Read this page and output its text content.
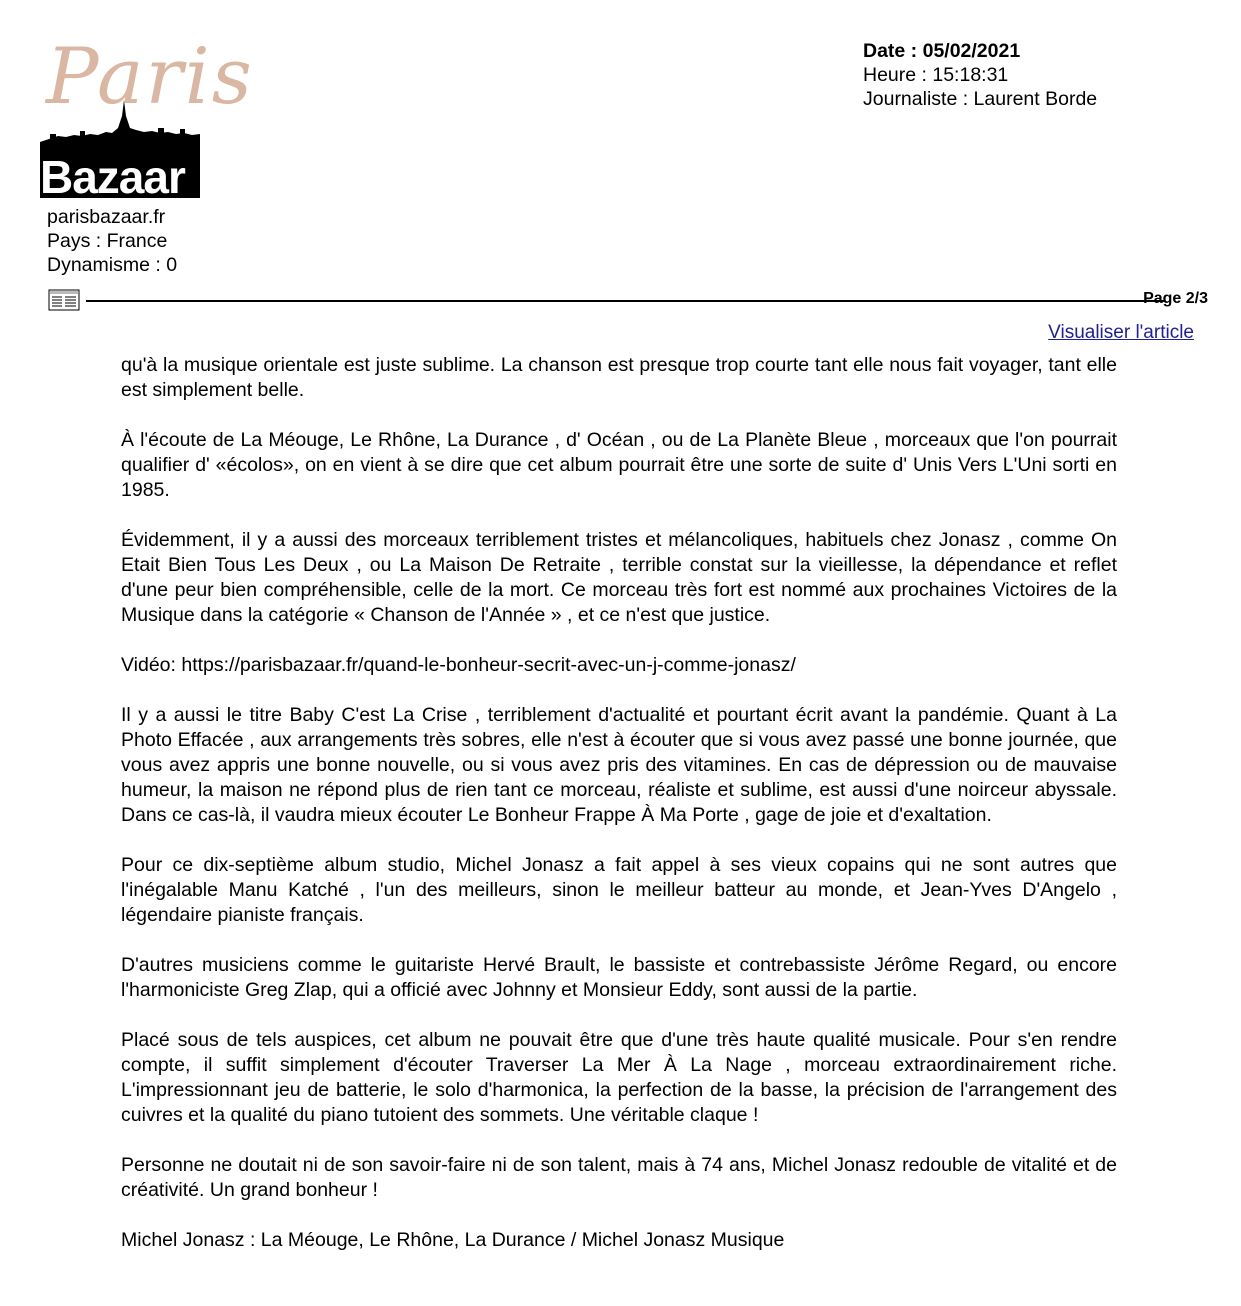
Paris
Bazaar
parisbazaar.fr
Pays : France
Dynamisme : 0
Date : 05/02/2021
Heure : 15:18:31
Journaliste : Laurent Borde
Page 2/3
Visualiser l'article

qu'à la musique orientale est juste sublime. La chanson est presque trop courte tant elle nous fait voyager, tant elle est simplement belle.

À l'écoute de La Méouge, Le Rhône, La Durance , d' Océan , ou de La Planète Bleue , morceaux que l'on pourrait qualifier d' «écolos», on en vient à se dire que cet album pourrait être une sorte de suite d' Unis Vers L'Uni sorti en 1985.

Évidemment, il y a aussi des morceaux terriblement tristes et mélancoliques, habituels chez Jonasz , comme On Etait Bien Tous Les Deux , ou La Maison De Retraite , terrible constat sur la vieillesse, la dépendance et reflet d'une peur bien compréhensible, celle de la mort. Ce morceau très fort est nommé aux prochaines Victoires de la Musique dans la catégorie « Chanson de l'Année » , et ce n'est que justice.

Vidéo: https://parisbazaar.fr/quand-le-bonheur-secrit-avec-un-j-comme-jonasz/

Il y a aussi le titre Baby C'est La Crise , terriblement d'actualité et pourtant écrit avant la pandémie. Quant à La Photo Effacée , aux arrangements très sobres, elle n'est à écouter que si vous avez passé une bonne journée, que vous avez appris une bonne nouvelle, ou si vous avez pris des vitamines. En cas de dépression ou de mauvaise humeur, la maison ne répond plus de rien tant ce morceau, réaliste et sublime, est aussi d'une noirceur abyssale. Dans ce cas-là, il vaudra mieux écouter Le Bonheur Frappe À Ma Porte , gage de joie et d'exaltation.

Pour ce dix-septième album studio, Michel Jonasz a fait appel à ses vieux copains qui ne sont autres que l'inégalable Manu Katché , l'un des meilleurs, sinon le meilleur batteur au monde, et Jean-Yves D'Angelo , légendaire pianiste français.

D'autres musiciens comme le guitariste Hervé Brault, le bassiste et contrebassiste Jérôme Regard, ou encore l'harmoniciste Greg Zlap, qui a officié avec Johnny et Monsieur Eddy, sont aussi de la partie.

Placé sous de tels auspices, cet album ne pouvait être que d'une très haute qualité musicale. Pour s'en rendre compte, il suffit simplement d'écouter Traverser La Mer À La Nage , morceau extraordinairement riche. L'impressionnant jeu de batterie, le solo d'harmonica, la perfection de la basse, la précision de l'arrangement des cuivres et la qualité du piano tutoient des sommets. Une véritable claque !

Personne ne doutait ni de son savoir-faire ni de son talent, mais à 74 ans, Michel Jonasz redouble de vitalité et de créativité. Un grand bonheur !

Michel Jonasz : La Méouge, Le Rhône, La Durance / Michel Jonasz Musique
